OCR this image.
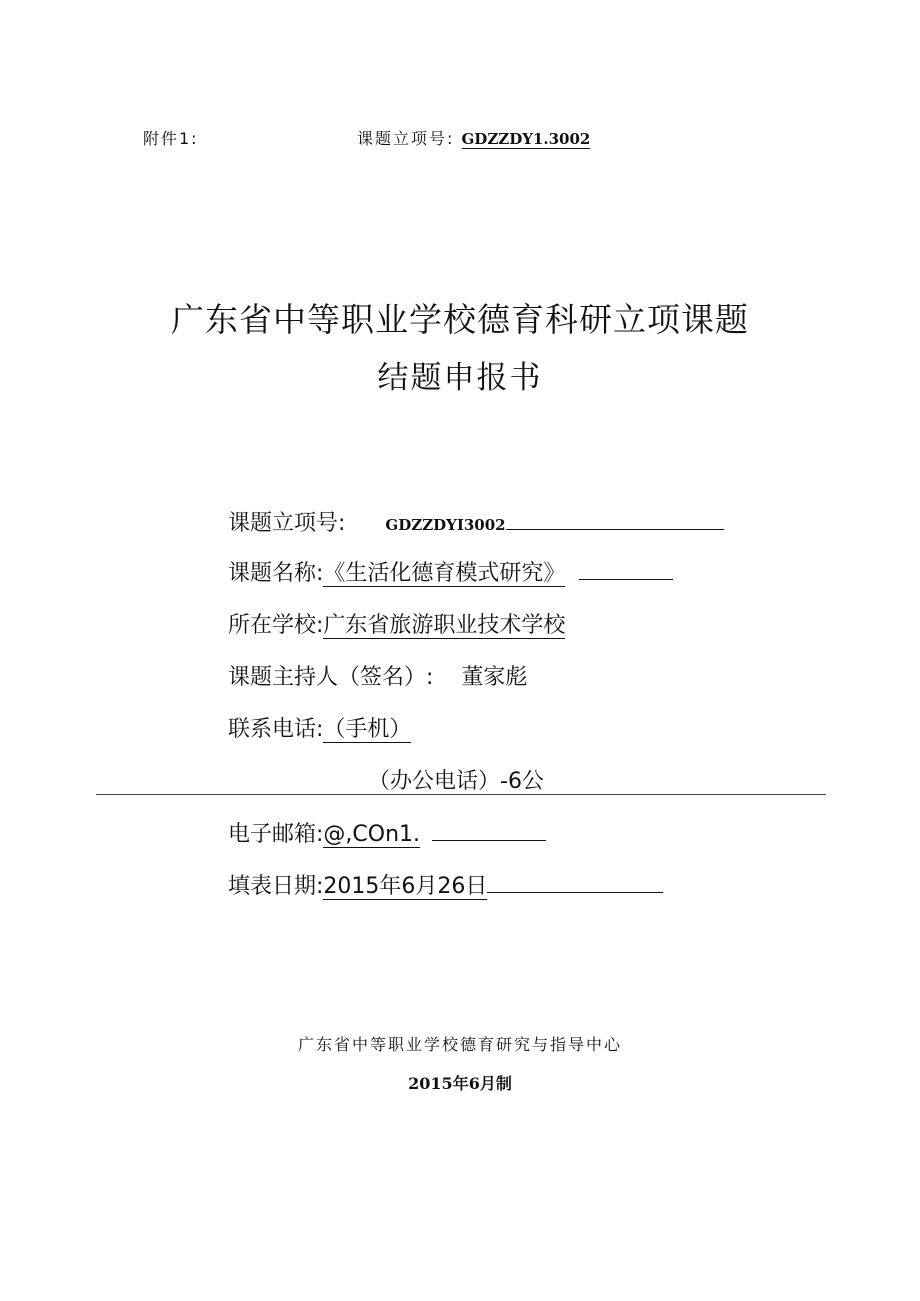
附件1:	课题立项号: GDZZDY1.3002
广东省中等职业学校德育科研立项课题
结题申报书
课题立项号:	GDZZDYI3002
课题名称:《生活化德育模式研究》
所在学校:广东省旅游职业技术学校
课题主持人（签名）: 董家彪
联系电话:（手机）
（办公电话）-6公
电子邮箱:@,COn1.
填表日期:2015年6月26日
广东省中等职业学校德育研究与指导中心
2015年6月制
